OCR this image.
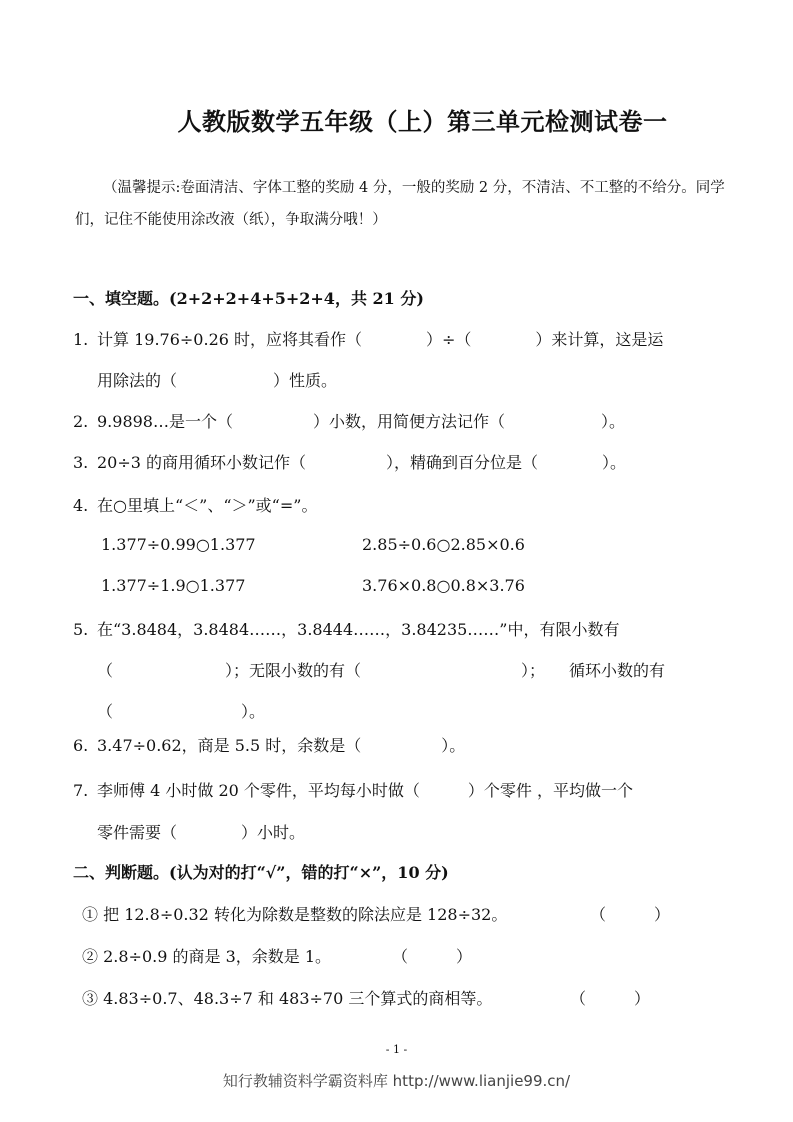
人教版数学五年级（上）第三单元检测试卷一
（温馨提示:卷面清洁、字体工整的奖励 4 分，一般的奖励 2 分，不清洁、不工整的不给分。同学们，记住不能使用涂改液（纸），争取满分哦！）
一、填空题。(2+2+2+4+5+2+4，共 21 分)
1. 计算 19.76÷0.26 时，应将其看作（　　　　）÷（　　　　）来计算，这是运
用除法的（　　　　　　）性质。
2. 9.9898…是一个（　　　　　）小数，用简便方法记作（　　　　　　）。
3. 20÷3 的商用循环小数记作（　　　　　），精确到百分位是（　　　　）。
4. 在○里填上“＜”、“＞”或“=”。
1.377÷0.99○1.377	2.85÷0.6○2.85×0.6
1.377÷1.9○1.377	3.76×0.8○0.8×3.76
5. 在“3.8484，3.8484……，3.8444……，3.84235……”中，有限小数有
（　　　　　　　）；无限小数的有（　　　　　　　　　　）；　　循环小数的有
（　　　　　　　　）。
6. 3.47÷0.62，商是 5.5 时，余数是（　　　　　）。
7. 李师傅 4 小时做 20 个零件，平均每小时做（　　　）个零件 ，平均做一个
零件需要（　　　　）小时。
二、判断题。(认为对的打“√”，错的打“×”，10 分)
① 把 12.8÷0.32 转化为除数是整数的除法应是 128÷32。	（　　　）
② 2.8÷0.9 的商是 3，余数是 1。	（　　　）
③ 4.83÷0.7、48.3÷7 和 483÷70 三个算式的商相等。	（　　　）
- 1 -
知行教辅资料学霸资料库 http://www.lianjie99.cn/
